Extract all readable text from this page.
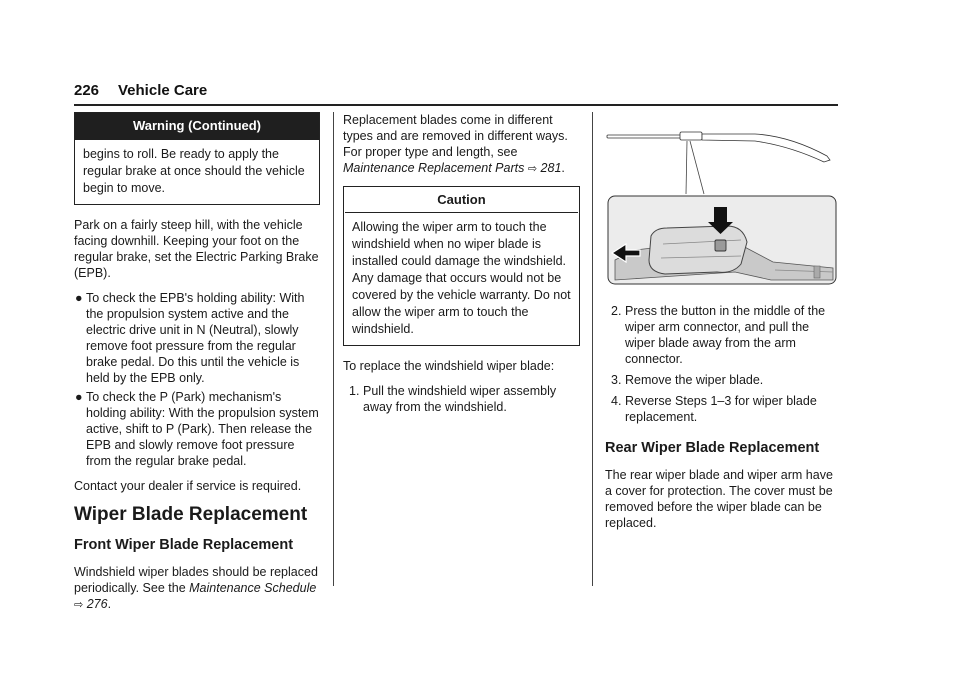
226 Vehicle Care
Warning (Continued)
begins to roll. Be ready to apply the regular brake at once should the vehicle begin to move.

Park on a fairly steep hill, with the vehicle facing downhill. Keeping your foot on the regular brake, set the Electric Parking Brake (EPB).

● To check the EPB's holding ability: With the propulsion system active and the electric drive unit in N (Neutral), slowly remove foot pressure from the regular brake pedal. Do this until the vehicle is held by the EPB only.
● To check the P (Park) mechanism's holding ability: With the propulsion system active, shift to P (Park). Then release the EPB and slowly remove foot pressure from the regular brake pedal.

Contact your dealer if service is required.

Wiper Blade Replacement
Front Wiper Blade Replacement

Windshield wiper blades should be replaced periodically. See the Maintenance Schedule
⇨ 276.

Replacement blades come in different types and are removed in different ways. For proper type and length, see Maintenance Replacement Parts ⇨ 281.

Caution
Allowing the wiper arm to touch the windshield when no wiper blade is installed could damage the windshield. Any damage that occurs would not be covered by the vehicle warranty. Do not allow the wiper arm to touch the windshield.

To replace the windshield wiper blade:

1. Pull the windshield wiper assembly away from the windshield.
2. Press the button in the middle of the wiper arm connector, and pull the wiper blade away from the arm connector.
3. Remove the wiper blade.
4. Reverse Steps 1–3 for wiper blade replacement.
Rear Wiper Blade Replacement

The rear wiper blade and wiper arm have a cover for protection. The cover must be removed before the wiper blade can be replaced.
